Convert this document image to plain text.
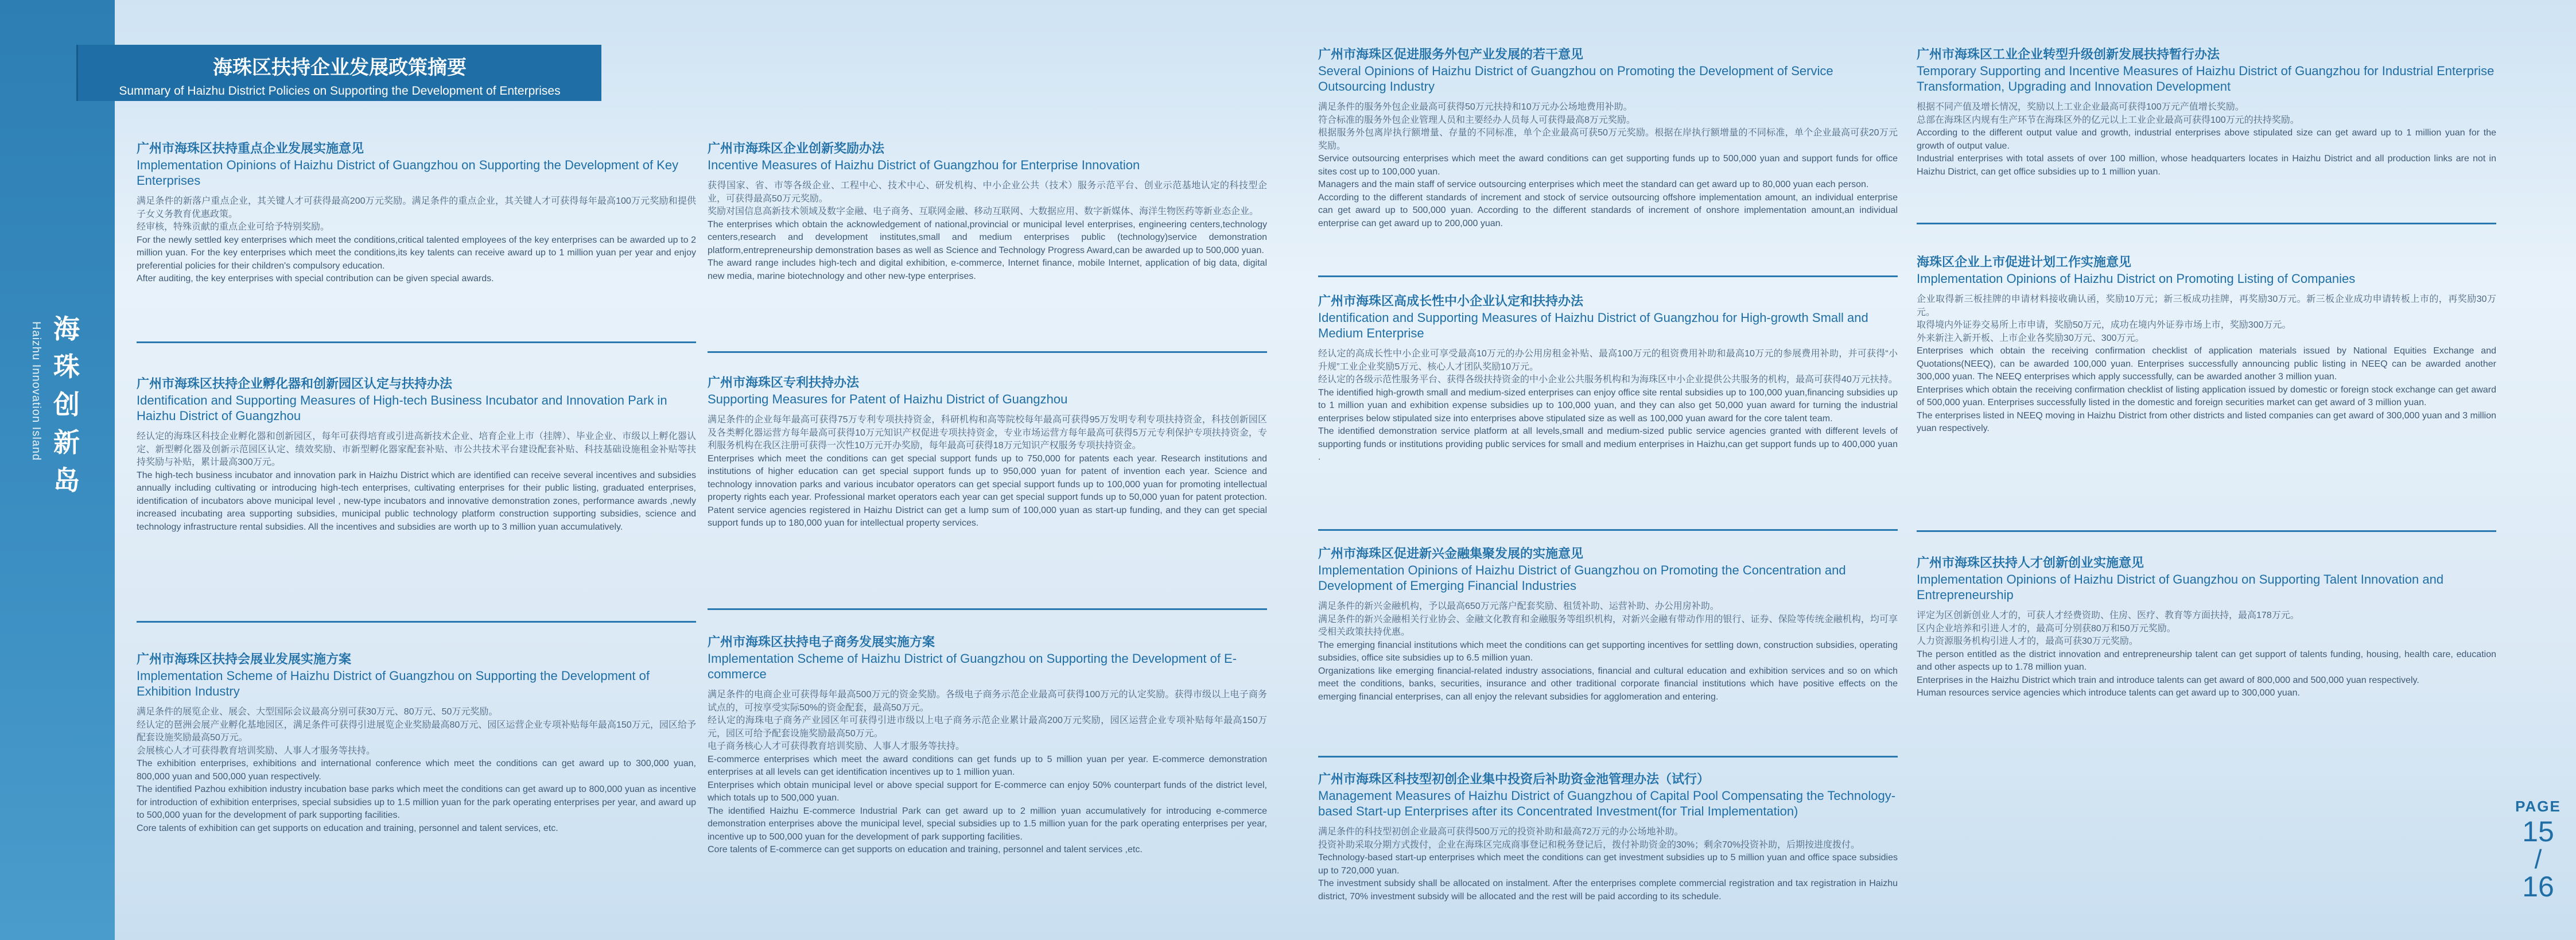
海珠创新岛
Haizhu Innovation Island
海珠区扶持企业发展政策摘要
Summary of Haizhu District Policies on Supporting the Development of Enterprises
广州市海珠区扶持重点企业发展实施意见
Implementation Opinions of Haizhu District of Guangzhou on Supporting the Development of Key Enterprises

满足条件的新落户重点企业，其关键人才可获得最高200万元奖励。满足条件的重点企业，其关键人才可获得每年最高100万元奖励和提供子女义务教育优惠政策。

经审核，特殊贡献的重点企业可给予特别奖励。

For the newly settled key enterprises which meet the conditions,critical talented employees of the key enterprises can be awarded up to 2 million yuan. For the key enterprises which meet the conditions,its key talents can receive award up to 1 million yuan per year and enjoy preferential policies for their children's compulsory education.

After auditing, the key enterprises with special contribution can be given special awards.

广州市海珠区扶持企业孵化器和创新园区认定与扶持办法
Identification and Supporting Measures of High-tech Business Incubator and Innovation Park in Haizhu District of Guangzhou

经认定的海珠区科技企业孵化器和创新园区，每年可获得培育或引进高新技术企业、培育企业上市（挂牌）、毕业企业、市级以上孵化器认定、新型孵化器及创新示范园区认定、绩效奖励、市新型孵化器家配套补贴、市公共技术平台建设配套补贴、科技基础设施租金补贴等扶持奖励与补贴，累计最高300万元。

The high-tech business incubator and innovation park in Haizhu District which are identified can receive several incentives and subsidies annually including cultivating or introducing high-tech enterprises, cultivating enterprises for their public listing, graduated enterprises, identification of incubators above municipal level , new-type incubators and innovative demonstration zones, performance awards ,newly increased incubating area supporting subsidies, municipal public technology platform construction supporting subsidies, science and technology infrastructure rental subsidies. All the incentives and subsidies are worth up to 3 million yuan accumulatively.

广州市海珠区扶持会展业发展实施方案
Implementation Scheme of Haizhu District of Guangzhou on Supporting the Development of Exhibition Industry

满足条件的展览企业、展会、大型国际会议最高分别可获30万元、80万元、50万元奖励。

经认定的琶洲会展产业孵化基地园区，满足条件可获得引进展览企业奖励最高80万元、园区运营企业专项补贴每年最高150万元，园区给予配套设施奖励最高50万元。

会展核心人才可获得教育培训奖励、人事人才服务等扶持。

The exhibition enterprises, exhibitions and international conference which meet the conditions can get award up to 300,000 yuan, 800,000 yuan and 500,000 yuan respectively.

The identified Pazhou exhibition industry incubation base parks which meet the conditions can get award up to 800,000 yuan as incentive for introduction of exhibition enterprises, special subsidies up to 1.5 million yuan for the park operating enterprises per year, and award up to 500,000 yuan for the development of park supporting facilities.

Core talents of exhibition can get supports on education and training, personnel and talent services, etc.

广州市海珠区企业创新奖励办法
Incentive Measures of Haizhu District of Guangzhou for Enterprise Innovation

获得国家、省、市等各级企业、工程中心、技术中心、研发机构、中小企业公共（技术）服务示范平台、创业示范基地认定的科技型企业，可获得最高50万元奖励。

奖励对国信息高新技术领域及数字金融、电子商务、互联网金融、移动互联网、大数据应用、数字新媒体、海洋生物医药等新业态企业。

The enterprises which obtain the acknowledgement of national,provincial or municipal level enterprises, engineering centers,technology centers,research and development institutes,small and medium enterprises public (technology)service demonstration platform,entrepreneurship demonstration bases as well as Science and Technology Progress Award,can be awarded up to 500,000 yuan.

The award range includes high-tech and digital exhibition, e-commerce, Internet finance, mobile Internet, application of big data, digital new media, marine biotechnology and other new-type enterprises.

广州市海珠区专利扶持办法
Supporting Measures for Patent of Haizhu District of Guangzhou

满足条件的企业每年最高可获得75万专利专项扶持资金，科研机构和高等院校每年最高可获得95万发明专利专项扶持资金，科技创新园区及各类孵化器运营方每年最高可获得10万元知识产权促进专项扶持资金，专业市场运营方每年最高可获得5万元专利保护专项扶持资金，专利服务机构在我区注册可获得一次性10万元开办奖励，每年最高可获得18万元知识产权服务专项扶持资金。

Enterprises which meet the conditions can get special support funds up to 750,000 for patents each year. Research institutions and institutions of higher education can get special support funds up to 950,000 yuan for patent of invention each year. Science and technology innovation parks and various incubator operators can get special support funds up to 100,000 yuan for promoting intellectual property rights each year. Professional market operators each year can get special support funds up to 50,000 yuan for patent protection. Patent service agencies registered in Haizhu District can get a lump sum of 100,000 yuan as start-up funding, and they can get special support funds up to 180,000 yuan for intellectual property services.

广州市海珠区扶持电子商务发展实施方案
Implementation Scheme of Haizhu District of Guangzhou on Supporting the Development of E-commerce

满足条件的电商企业可获得每年最高500万元的资金奖励。各级电子商务示范企业最高可获得100万元的认定奖励。获得市级以上电子商务试点的，可按享受实际50%的资金配套，最高50万元。

经认定的海珠电子商务产业园区年可获得引进市级以上电子商务示范企业累计最高200万元奖励，园区运营企业专项补贴每年最高150万元，园区可给予配套设施奖励最高50万元。

电子商务核心人才可获得教育培训奖励、人事人才服务等扶持。

E-commerce enterprises which meet the award conditions can get funds up to 5 million yuan per year. E-commerce demonstration enterprises at all levels can get identification incentives up to 1 million yuan.

Enterprises which obtain municipal level or above special support for E-commerce can enjoy 50% counterpart funds of the district level, which totals up to 500,000 yuan.

The identified Haizhu E-commerce Industrial Park can get award up to 2 million yuan accumulatively for introducing e-commerce demonstration enterprises above the municipal level, special subsidies up to 1.5 million yuan for the park operating enterprises per year, incentive up to 500,000 yuan for the development of park supporting facilities.

Core talents of E-commerce can get supports on education and training, personnel and talent services ,etc.

广州市海珠区促进服务外包产业发展的若干意见
Several Opinions of Haizhu District of Guangzhou on Promoting the Development of Service Outsourcing Industry

满足条件的服务外包企业最高可获得50万元扶持和10万元办公场地费用补助。

符合标准的服务外包企业管理人员和主要经办人员每人可获得最高8万元奖励。

根据服务外包离岸执行额增量、存量的不同标准，单个企业最高可获50万元奖励。根据在岸执行额增量的不同标准，单个企业最高可获20万元奖励。

Service outsourcing enterprises which meet the award conditions can get supporting funds up to 500,000 yuan and support funds for office sites cost up to 100,000 yuan.

Managers and the main staff of service outsourcing enterprises which meet the standard can get award up to 80,000 yuan each person.

According to the different standards of increment and stock of service outsourcing offshore implementation amount, an individual enterprise can get award up to 500,000 yuan. According to the different standards of increment of onshore implementation amount,an individual enterprise can get award up to 200,000 yuan.

广州市海珠区高成长性中小企业认定和扶持办法
Identification and Supporting Measures of Haizhu District of Guangzhou for High-growth Small and Medium Enterprise

经认定的高成长性中小企业可享受最高10万元的办公用房租金补贴、最高100万元的租资费用补助和最高10万元的参展费用补助，并可获得“小升规”工业企业奖励5万元、核心人才团队奖励10万元。

经认定的各级示范性服务平台、获得各级扶持资金的中小企业公共服务机构和为海珠区中小企业提供公共服务的机构，最高可获得40万元扶持。

The identified high-growth small and medium-sized enterprises can enjoy office site rental subsidies up to 100,000 yuan,financing subsidies up to 1 million yuan and exhibition expense subsidies up to 100,000 yuan, and they can also get 50,000 yuan award for turning the industrial enterprises below stipulated size into enterprises above stipulated size as well as 100,000 yuan award for the core talent team.

The identified demonstration service platform at all levels,small and medium-sized public service agencies granted with different levels of supporting funds or institutions providing public services for small and medium enterprises in Haizhu,can get support funds up to 400,000 yuan .

广州市海珠区促进新兴金融集聚发展的实施意见
Implementation Opinions of Haizhu District of Guangzhou on Promoting the Concentration and Development of Emerging Financial Industries

满足条件的新兴金融机构，予以最高650万元落户配套奖励、租赁补助、运营补助、办公用房补助。

满足条件的新兴金融相关行业协会、金融文化教育和金融服务等组织机构，对新兴金融有带动作用的银行、证券、保险等传统金融机构，均可享受相关政策扶持优惠。

The emerging financial institutions which meet the conditions can get supporting incentives for settling down, construction subsidies, operating subsidies, office site subsidies up to 6.5 million yuan.

Organizations like emerging financial-related industry associations, financial and cultural education and exhibition services and so on which meet the conditions, banks, securities, insurance and other traditional corporate financial institutions which have positive effects on the emerging financial enterprises, can all enjoy the relevant subsidies for agglomeration and entering.

广州市海珠区科技型初创企业集中投资后补助资金池管理办法（试行）
Management Measures of Haizhu District of Guangzhou of Capital Pool Compensating the Technology-based Start-up Enterprises after its Concentrated Investment(for Trial Implementation)

满足条件的科技型初创企业最高可获得500万元的投资补助和最高72万元的办公场地补助。

投资补助采取分期方式拨付，企业在海珠区完成商事登记和税务登记后，拨付补助资金的30%；剩余70%投资补助，后期按进度拨付。

Technology-based start-up enterprises which meet the conditions can get investment subsidies up to 5 million yuan and office space subsidies up to 720,000 yuan.

The investment subsidy shall be allocated on instalment. After the enterprises complete commercial registration and tax registration in Haizhu district, 70% investment subsidy will be allocated and the rest will be paid according to its schedule.

广州市海珠区工业企业转型升级创新发展扶持暂行办法
Temporary Supporting and Incentive Measures of Haizhu District of Guangzhou for Industrial Enterprise Transformation, Upgrading and Innovation Development

根据不同产值及增长情况，奖励以上工业企业最高可获得100万元产值增长奖励。

总部在海珠区内规有生产环节在海珠区外的亿元以上工业企业最高可获得100万元的扶持奖励。

According to the different output value and growth, industrial enterprises above stipulated size can get award up to 1 million yuan for the growth of output value.

Industrial enterprises with total assets of over 100 million, whose headquarters locates in Haizhu District and all production links are not in Haizhu District, can get office subsidies up to 1 million yuan.

海珠区企业上市促进计划工作实施意见
Implementation Opinions of Haizhu District on Promoting Listing of Companies

企业取得新三板挂牌的申请材料接收确认函，奖励10万元；新三板成功挂牌，再奖励30万元。新三板企业成功申请转板上市的，再奖励30万元。

取得境内外证券交易所上市申请，奖励50万元，成功在境内外证券市场上市，奖励300万元。

外来新注入新开板、上市企业各奖励30万元、300万元。

Enterprises which obtain the receiving confirmation checklist of application materials issued by National Equities Exchange and Quotations(NEEQ), can be awarded 100,000 yuan. Enterprises successfully announcing public listing in NEEQ can be awarded another 300,000 yuan. The NEEQ enterprises which apply successfully, can be awarded another 3 million yuan.

Enterprises which obtain the receiving confirmation checklist of listing application issued by domestic or foreign stock exchange can get award of 500,000 yuan. Enterprises successfully listed in the domestic and foreign securities market can get award of 3 million yuan.

The enterprises listed in NEEQ moving in Haizhu District from other districts and listed companies can get award of 300,000 yuan and 3 million yuan respectively.

广州市海珠区扶持人才创新创业实施意见
Implementation Opinions of Haizhu District of Guangzhou on Supporting Talent Innovation and Entrepreneurship

评定为区创新创业人才的，可获人才经费资助、住房、医疗、教育等方面扶持，最高178万元。

区内企业培养和引进人才的，最高可分别获80万和50万元奖励。

人力资源服务机构引进人才的，最高可获30万元奖励。

The person entitled as the district innovation and entrepreneurship talent can get support of talents funding, housing, health care, education and other aspects up to 1.78 million yuan.

Enterprises in the Haizhu District which train and introduce talents can get award of 800,000 and 500,000 yuan respectively.

Human resources service agencies which introduce talents can get award up to 300,000 yuan.

PAGE
15
/
16
